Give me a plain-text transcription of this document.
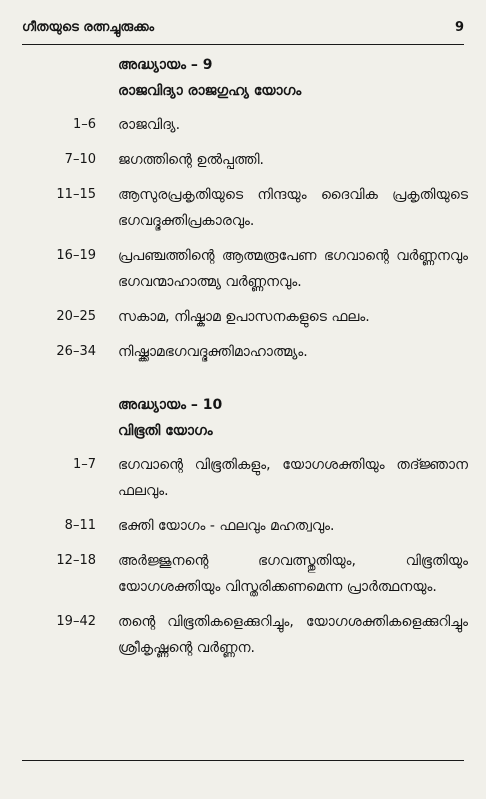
ഗീതയുടെ രത്നച്ചുരുക്കം	9
അദ്ധ്യായം – 9
രാജവിദ്യാ രാജഗുഹ്യ യോഗം
1–6	രാജവിദ്യ.
7–10	ജഗത്തിന്റെ ഉൽപ്പത്തി.
11–15	ആസുരപ്രകൃതിയുടെ നിന്ദയും ദൈവിക പ്രകൃതിയുടെ ഭഗവദ്ഭക്തിപ്രകാരവും.
16–19	പ്രപഞ്ചത്തിന്റെ ആത്മരൂപേണ ഭഗവാന്റെ വർണ്ണനവും ഭഗവന്മാഹാത്മ്യ വർണ്ണനവും.
20–25	സകാമ, നിഷ്കാമ ഉപാസനകളുടെ ഫലം.
26–34	നിഷ്ക്കാമഭഗവദ്ഭക്തിമാഹാത്മ്യം.
അദ്ധ്യായം – 10
വിഭൂതി യോഗം
1–7	ഭഗവാന്റെ വിഭൂതികളും, യോഗശക്തിയും തദ്ജ്ഞാന ഫലവും.
8–11	ഭക്തി യോഗം - ഫലവും മഹത്വവും.
12–18	അർജ്ജുനന്റെ ഭഗവത്സ്തുതിയും, വിഭൂതിയും യോഗശക്തിയും വിസ്തരിക്കണമെന്ന പ്രാർത്ഥനയും.
19–42	തന്റെ വിഭൂതികളെക്കുറിച്ചും, യോഗശക്തികളെക്കുറിച്ചും ശ്രീകൃഷ്ണന്റെ വർണ്ണന.
